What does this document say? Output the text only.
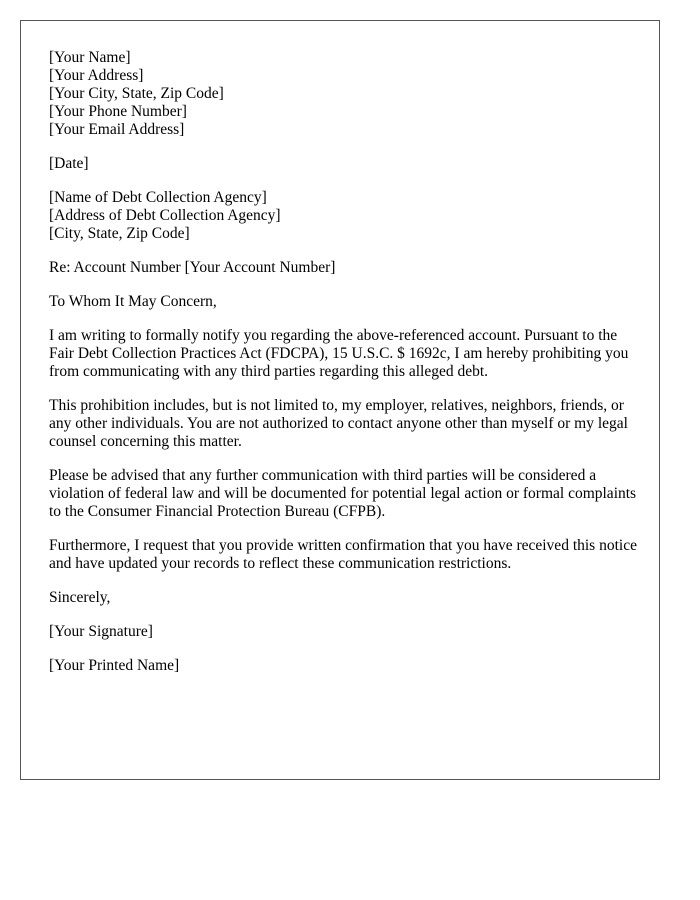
[Your Name]
[Your Address]
[Your City, State, Zip Code]
[Your Phone Number]
[Your Email Address]
[Date]
[Name of Debt Collection Agency]
[Address of Debt Collection Agency]
[City, State, Zip Code]

Re: Account Number [Your Account Number]

To Whom It May Concern,

I am writing to formally notify you regarding the above-referenced account. Pursuant to the Fair Debt Collection Practices Act (FDCPA), 15 U.S.C. $ 1692c, I am hereby prohibiting you from communicating with any third parties regarding this alleged debt.

This prohibition includes, but is not limited to, my employer, relatives, neighbors, friends, or any other individuals. You are not authorized to contact anyone other than myself or my legal counsel concerning this matter.

Please be advised that any further communication with third parties will be considered a violation of federal law and will be documented for potential legal action or formal complaints to the Consumer Financial Protection Bureau (CFPB).

Furthermore, I request that you provide written confirmation that you have received this notice and have updated your records to reflect these communication restrictions.

Sincerely,

[Your Signature]

[Your Printed Name]
